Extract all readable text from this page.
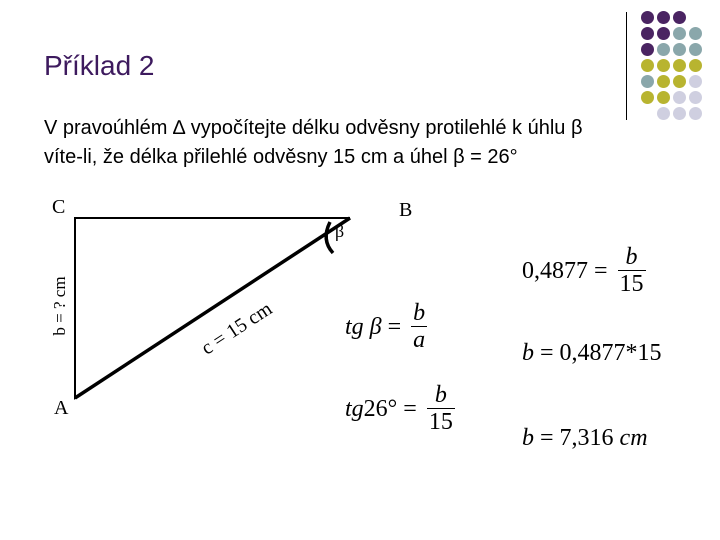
Příklad 2
V pravoúhlém ∆ vypočítejte délku odvěsny protilehlé k úhlu β
víte-li, že délka přilehlé odvěsny 15 cm a úhel β = 26°
C	B
A
β
b = ? cm	c = 15 cm	tg $\beta = \frac{b}{a}$
$tg26^\circ = \frac{b}{15}$
$0,4877 = \frac{b}{15}$
b = 0,4877*15
b = 7,316 cm
